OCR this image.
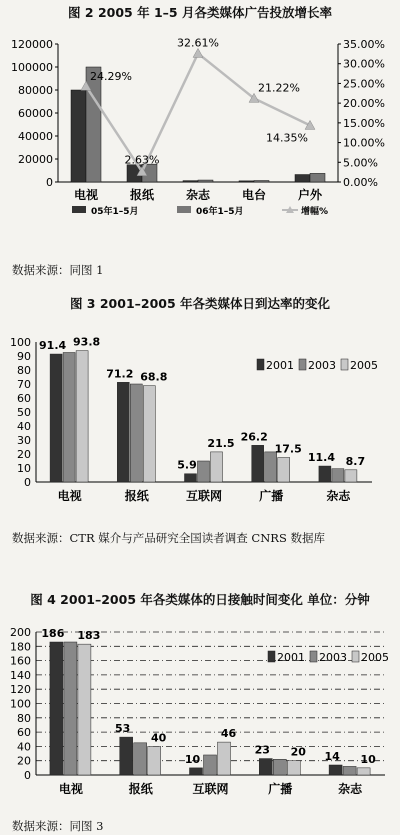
图 2 2005 年 1–5 月各类媒体广告投放增长率
0
20000
40000
60000
80000
100000
120000
0.00%
5.00%
10.00%
15.00%
20.00%
25.00%
30.00%
35.00%
电视	报纸	杂志	电台	户外
24.29%
2.63%
32.61%
21.22%
14.35%
05年1–5月	06年1–5月	增幅%
数据来源：同图 1
图 3 2001–2005 年各类媒体日到达率的变化
0
10
20
30
40
50
60
70
80
90
100 91.4 93.8
电视
71.2 68.8
报纸
5.9
21.5
互联网
26.2
17.5
广播
11.4 8.7
杂志
2001 2003 2005
数据来源：CTR 媒介与产品研究全国读者调查 CNRS 数据库
图 4 2001–2005 年各类媒体的日接触时间变化 单位：分钟
0
20
40
60
80
100
120
140
160
180
200 186 183
电视
53
40
报纸
10
46
互联网
23 20
广播
14 10
杂志
2001 2003 2005
数据来源：同图 3
